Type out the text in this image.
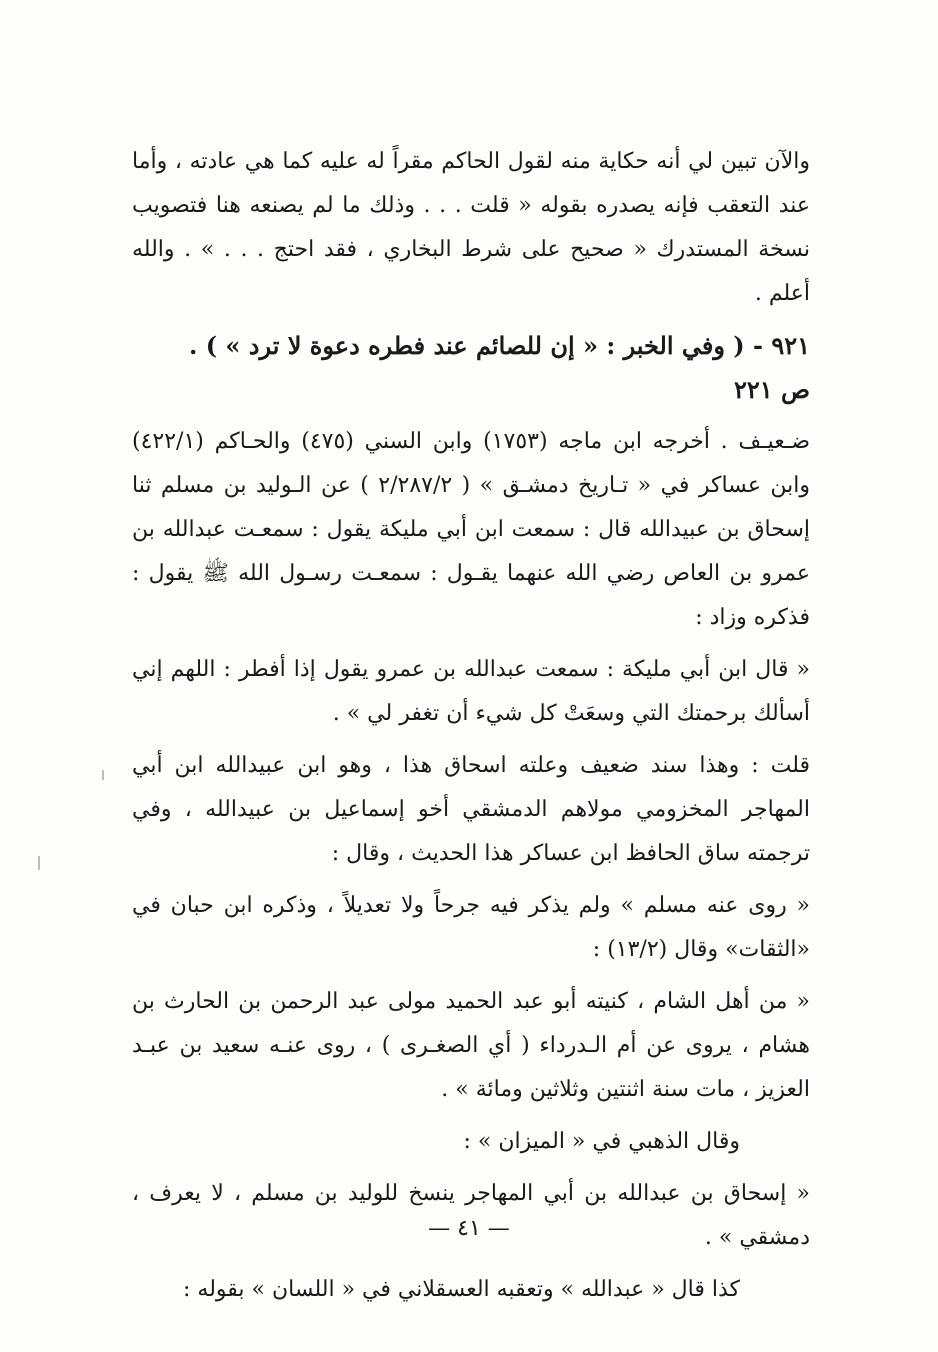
والآن تبين لي أنه حكاية منه لقول الحاكم مقراً له عليه كما هي عادته ، وأما عند التعقب فإنه يصدره بقوله « قلت . . . وذلك ما لم يصنعه هنا فتصويب نسخة المستدرك « صحيح على شرط البخاري ، فقد احتج . . . » . والله أعلم .

٩٢١ - ( وفي الخبر : « إن للصائم عند فطره دعوة لا ترد » ) .

ص ٢٢١

ضـعيـف . أخرجه ابن ماجه (١٧٥٣) وابن السني (٤٧٥) والحـاكم (٤٢٢/١) وابن عساكر في « تـاريخ دمشـق » ( ٢/٢٨٧/٢ ) عن الـوليد بن مسلم ثنا إسحاق بن عبيدالله قال : سمعت ابن أبي مليكة يقول : سمعـت عبدالله بن عمرو بن العاص رضي الله عنهما يقـول : سمعـت رسـول الله ﷺ يقول : فذكره وزاد :

« قال ابن أبي مليكة : سمعت عبدالله بن عمرو يقول إذا أفطر : اللهم إني أسألك برحمتك التي وسعَتْ كل شيء أن تغفر لي » .

قلت : وهذا سند ضعيف وعلته اسحاق هذا ، وهو ابن عبيدالله ابن أبي المهاجر المخزومي مولاهم الدمشقي أخو إسماعيل بن عبيدالله ، وفي ترجمته ساق الحافظ ابن عساكر هذا الحديث ، وقال :

« روى عنه مسلم » ولم يذكر فيه جرحاً ولا تعديلاً ، وذكره ابن حبان في «الثقات» وقال (١٣/٢) :

« من أهل الشام ، كنيته أبو عبد الحميد مولى عبد الرحمن بن الحارث بن هشام ، يروى عن أم الـدرداء ( أي الصغـرى ) ، روى عنـه سعيد بن عبـد العزيز ، مات سنة اثنتين وثلاثين ومائة » .

وقال الذهبي في « الميزان » :

« إسحاق بن عبدالله بن أبي المهاجر ينسخ للوليد بن مسلم ، لا يعرف ، دمشقي » .

كذا قال « عبدالله » وتعقبه العسقلاني في « اللسان » بقوله :

— ٤١ —
